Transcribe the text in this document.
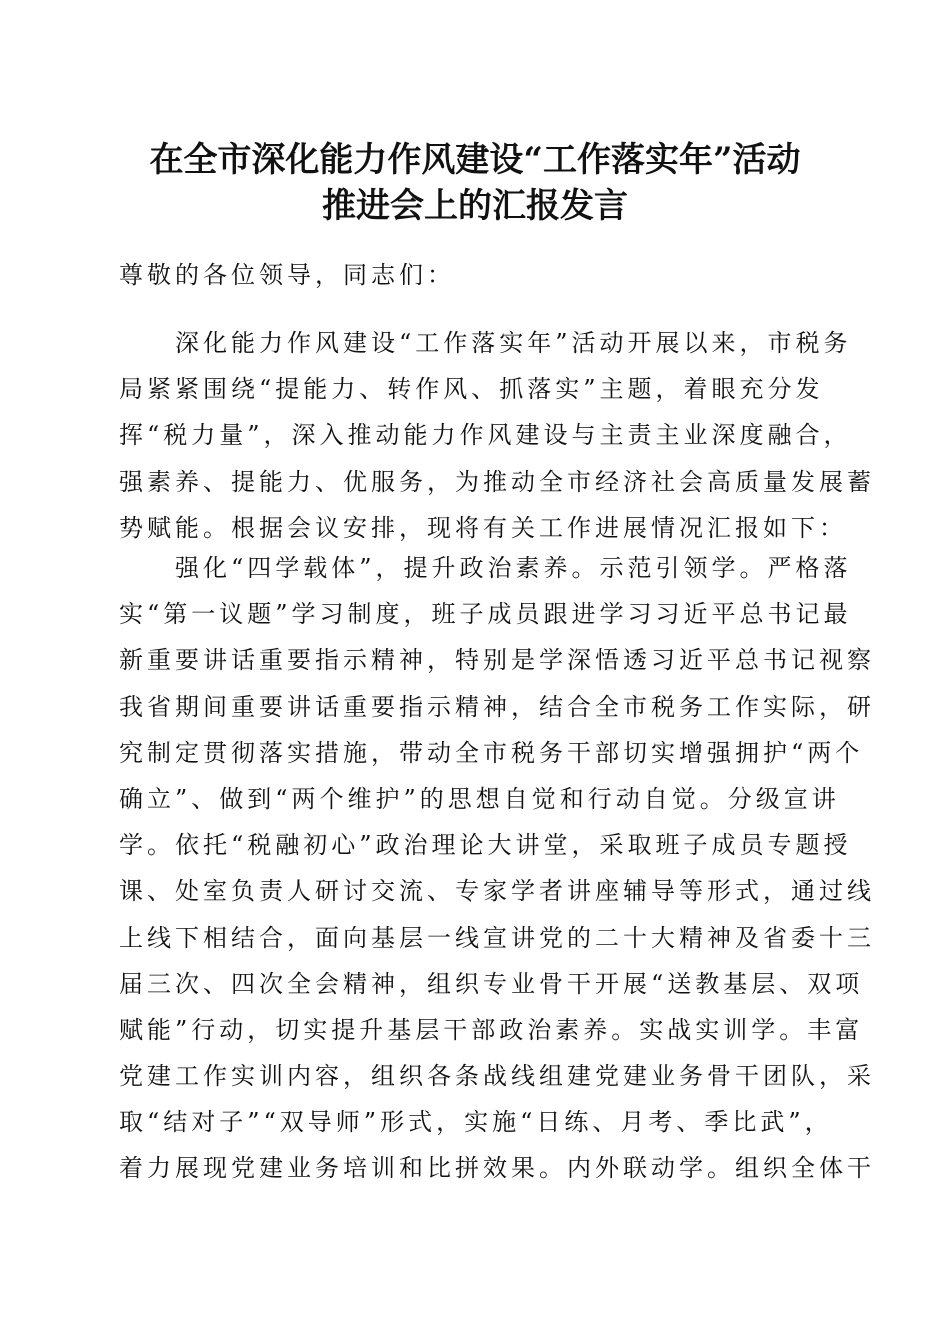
在全市深化能力作风建设“工作落实年”活动
推进会上的汇报发言
尊敬的各位领导，同志们：
　　深化能力作风建设“工作落实年”活动开展以来，市税务
局紧紧围绕“提能力、转作风、抓落实”主题，着眼充分发
挥“税力量”，深入推动能力作风建设与主责主业深度融合，
强素养、提能力、优服务，为推动全市经济社会高质量发展蓄
势赋能。根据会议安排，现将有关工作进展情况汇报如下：
　　强化“四学载体”，提升政治素养。示范引领学。严格落
实“第一议题”学习制度，班子成员跟进学习习近平总书记最
新重要讲话重要指示精神，特别是学深悟透习近平总书记视察
我省期间重要讲话重要指示精神，结合全市税务工作实际，研
究制定贯彻落实措施，带动全市税务干部切实增强拥护“两个
确立”、做到“两个维护”的思想自觉和行动自觉。分级宣讲
学。依托“税融初心”政治理论大讲堂，采取班子成员专题授
课、处室负责人研讨交流、专家学者讲座辅导等形式，通过线
上线下相结合，面向基层一线宣讲党的二十大精神及省委十三
届三次、四次全会精神，组织专业骨干开展“送教基层、双项
赋能”行动，切实提升基层干部政治素养。实战实训学。丰富
党建工作实训内容，组织各条战线组建党建业务骨干团队，采
取“结对子”“双导师”形式，实施“日练、月考、季比武”，
着力展现党建业务培训和比拼效果。内外联动学。组织全体干
